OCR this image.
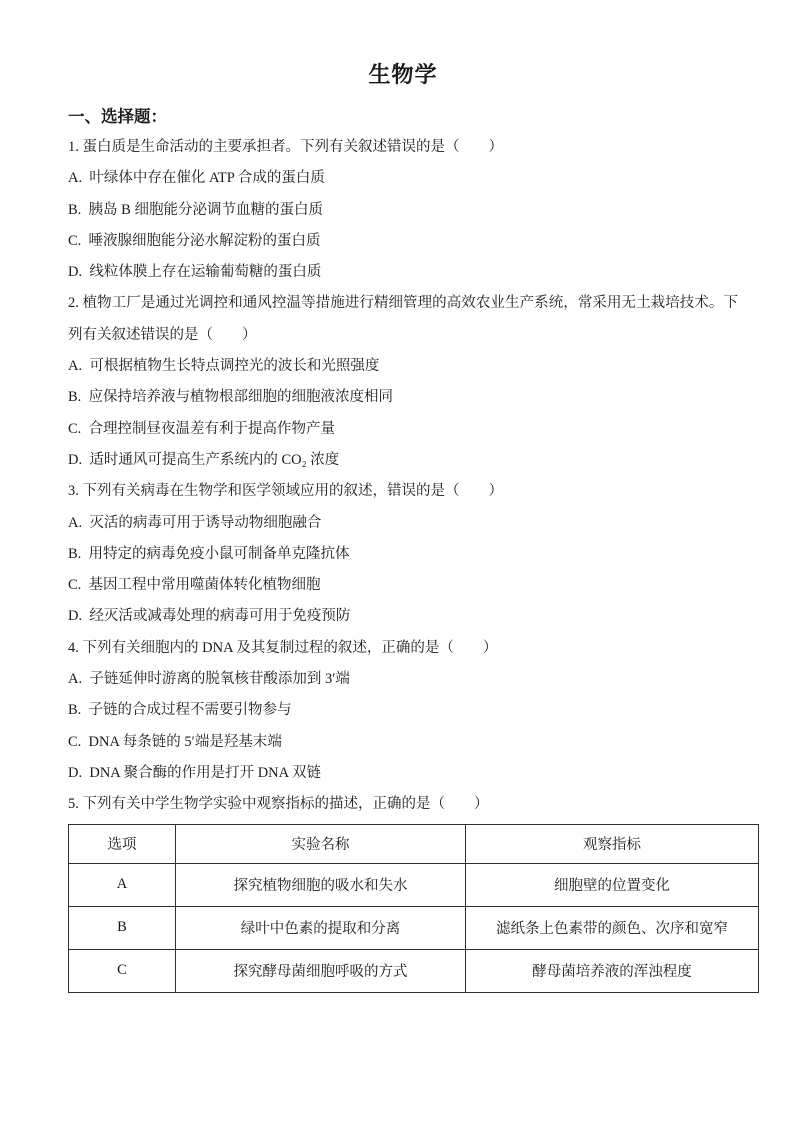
生物学
一、选择题：

1. 蛋白质是生命活动的主要承担者。下列有关叙述错误的是（　　）

A.  叶绿体中存在催化 ATP 合成的蛋白质

B.  胰岛 B 细胞能分泌调节血糖的蛋白质

C.  唾液腺细胞能分泌水解淀粉的蛋白质

D.  线粒体膜上存在运输葡萄糖的蛋白质

2. 植物工厂是通过光调控和通风控温等措施进行精细管理的高效农业生产系统，常采用无土栽培技术。下列有关叙述错误的是（　　）

A.  可根据植物生长特点调控光的波长和光照强度

B.  应保持培养液与植物根部细胞的细胞液浓度相同

C.  合理控制昼夜温差有利于提高作物产量

D.  适时通风可提高生产系统内的 CO₂ 浓度

3. 下列有关病毒在生物学和医学领域应用的叙述，错误的是（　　）

A.  灭活的病毒可用于诱导动物细胞融合

B.  用特定的病毒免疫小鼠可制备单克隆抗体

C.  基因工程中常用噬菌体转化植物细胞

D.  经灭活或减毒处理的病毒可用于免疫预防

4. 下列有关细胞内的 DNA 及其复制过程的叙述，正确的是（　　）

A.  子链延伸时游离的脱氧核苷酸添加到 3′端

B.  子链的合成过程不需要引物参与

C.  DNA 每条链的 5′端是羟基末端

D.  DNA 聚合酶的作用是打开 DNA 双链

5. 下列有关中学生物学实验中观察指标的描述，正确的是（　　）

选项	实验名称	观察指标
A	探究植物细胞的吸水和失水	细胞壁的位置变化
B	绿叶中色素的提取和分离	滤纸条上色素带的颜色、次序和宽窄
C	探究酵母菌细胞呼吸的方式	酵母菌培养液的浑浊程度
